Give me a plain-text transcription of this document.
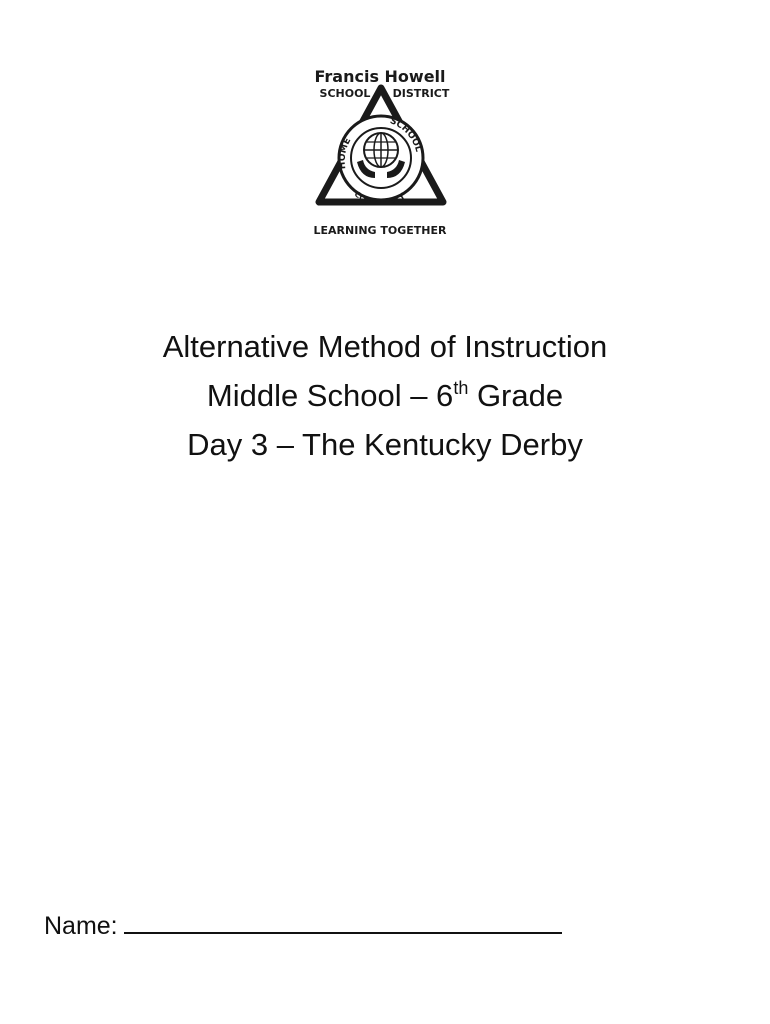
Francis Howell
SCHOOL DISTRICT
HOME
SCHOOL
COMMUNITY
LEARNING TOGETHER
Alternative Method of Instruction
Middle School – 6th Grade
Day 3 – The Kentucky Derby
Name:
